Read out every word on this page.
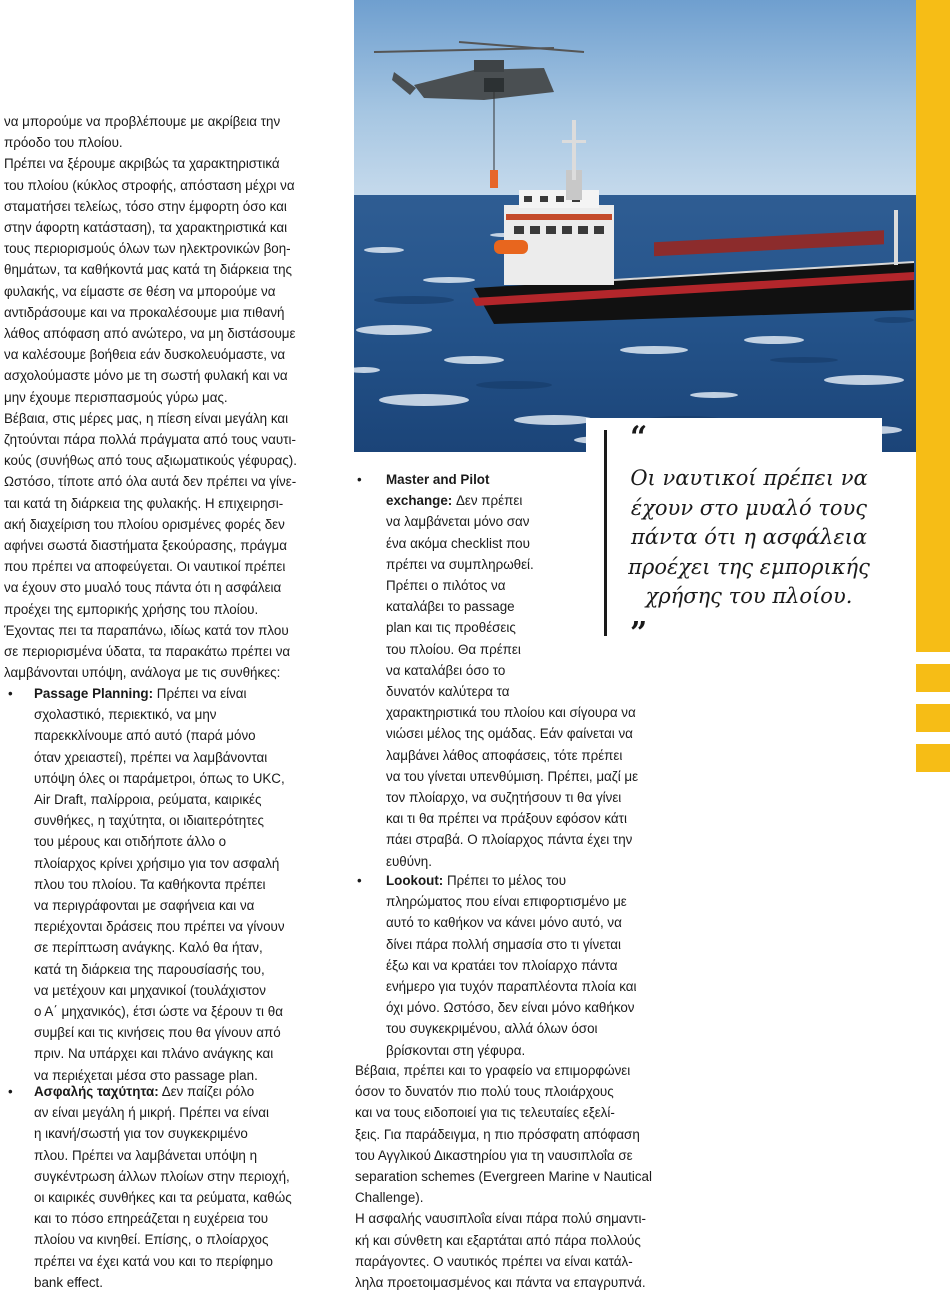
“
Οι ναυτικοί πρέπει να
έχουν στο μυαλό τους
πάντα ότι η ασφάλεια
προέχει της εμπορικής
χρήσης του πλοίου.
”
να μπορούμε να προβλέπουμε με ακρίβεια την
πρόοδο του πλοίου.
Πρέπει να ξέρουμε ακριβώς τα χαρακτηριστικά
του πλοίου (κύκλος στροφής, απόσταση μέχρι να
σταματήσει τελείως, τόσο στην έμφορτη όσο και
στην άφορτη κατάσταση), τα χαρακτηριστικά και
τους περιορισμούς όλων των ηλεκτρονικών βοη-
θημάτων, τα καθήκοντά μας κατά τη διάρκεια της
φυλακής, να είμαστε σε θέση να μπορούμε να
αντιδράσουμε και να προκαλέσουμε μια πιθανή
λάθος απόφαση από ανώτερο, να μη διστάσουμε
να καλέσουμε βοήθεια εάν δυσκολευόμαστε, να
ασχολούμαστε μόνο με τη σωστή φυλακή και να
μην έχουμε περισπασμούς γύρω μας.
Βέβαια, στις μέρες μας, η πίεση είναι μεγάλη και
ζητούνται πάρα πολλά πράγματα από τους ναυτι-
κούς (συνήθως από τους αξιωματικούς γέφυρας).
Ωστόσο, τίποτε από όλα αυτά δεν πρέπει να γίνε-
ται κατά τη διάρκεια της φυλακής. Η επιχειρησι-
ακή διαχείριση του πλοίου ορισμένες φορές δεν
αφήνει σωστά διαστήματα ξεκούρασης, πράγμα
που πρέπει να αποφεύγεται. Οι ναυτικοί πρέπει
να έχουν στο μυαλό τους πάντα ότι η ασφάλεια
προέχει της εμπορικής χρήσης του πλοίου.
Έχοντας πει τα παραπάνω, ιδίως κατά τον πλου
σε περιορισμένα ύδατα, τα παρακάτω πρέπει να
λαμβάνονται υπόψη, ανάλογα με τις συνθήκες:
• Passage Planning: Πρέπει να είναι
σχολαστικό, περιεκτικό, να μην
παρεκκλίνουμε από αυτό (παρά μόνο
όταν χρειαστεί), πρέπει να λαμβάνονται
υπόψη όλες οι παράμετροι, όπως το UKC,
Air Draft, παλίρροια, ρεύματα, καιρικές
συνθήκες, η ταχύτητα, οι ιδιαιτερότητες
του μέρους και οτιδήποτε άλλο ο
πλοίαρχος κρίνει χρήσιμο για τον ασφαλή
πλου του πλοίου. Τα καθήκοντα πρέπει
να περιγράφονται με σαφήνεια και να
περιέχονται δράσεις που πρέπει να γίνουν
σε περίπτωση ανάγκης. Καλό θα ήταν,
κατά τη διάρκεια της παρουσίασής του,
να μετέχουν και μηχανικοί (τουλάχιστον
ο Α΄ μηχανικός), έτσι ώστε να ξέρουν τι θα
συμβεί και τις κινήσεις που θα γίνουν από
πριν. Να υπάρχει και πλάνο ανάγκης και
να περιέχεται μέσα στο passage plan.
• Ασφαλής ταχύτητα: Δεν παίζει ρόλο
αν είναι μεγάλη ή μικρή. Πρέπει να είναι
η ικανή/σωστή για τον συγκεκριμένο
πλου. Πρέπει να λαμβάνεται υπόψη η
συγκέντρωση άλλων πλοίων στην περιοχή,
οι καιρικές συνθήκες και τα ρεύματα, καθώς
και το πόσο επηρεάζεται η ευχέρεια του
πλοίου να κινηθεί. Επίσης, ο πλοίαρχος
πρέπει να έχει κατά νου και το περίφημο
bank effect.
• Master and Pilot
exchange: Δεν πρέπει
να λαμβάνεται μόνο σαν
ένα ακόμα checklist που
πρέπει να συμπληρωθεί.
Πρέπει ο πιλότος να
καταλάβει το passage
plan και τις προθέσεις
του πλοίου. Θα πρέπει
να καταλάβει όσο το
δυνατόν καλύτερα τα
χαρακτηριστικά του πλοίου και σίγουρα να
νιώσει μέλος της ομάδας. Εάν φαίνεται να
λαμβάνει λάθος αποφάσεις, τότε πρέπει
να του γίνεται υπενθύμιση. Πρέπει, μαζί με
τον πλοίαρχο, να συζητήσουν τι θα γίνει
και τι θα πρέπει να πράξουν εφόσον κάτι
πάει στραβά. Ο πλοίαρχος πάντα έχει την
ευθύνη.
• Lookout: Πρέπει το μέλος του
πληρώματος που είναι επιφορτισμένο με
αυτό το καθήκον να κάνει μόνο αυτό, να
δίνει πάρα πολλή σημασία στο τι γίνεται
έξω και να κρατάει τον πλοίαρχο πάντα
ενήμερο για τυχόν παραπλέοντα πλοία και
όχι μόνο. Ωστόσο, δεν είναι μόνο καθήκον
του συγκεκριμένου, αλλά όλων όσοι
βρίσκονται στη γέφυρα.
Βέβαια, πρέπει και το γραφείο να επιμορφώνει
όσον το δυνατόν πιο πολύ τους πλοιάρχους
και να τους ειδοποιεί για τις τελευταίες εξελί-
ξεις. Για παράδειγμα, η πιο πρόσφατη απόφαση
του Αγγλικού Δικαστηρίου για τη ναυσιπλοΐα σε
separation schemes (Evergreen Marine v Nautical
Challenge).
Η ασφαλής ναυσιπλοΐα είναι πάρα πολύ σημαντι-
κή και σύνθετη και εξαρτάται από πάρα πολλούς
παράγοντες. Ο ναυτικός πρέπει να είναι κατάλ-
ληλα προετοιμασμένος και πάντα να επαγρυπνά.
